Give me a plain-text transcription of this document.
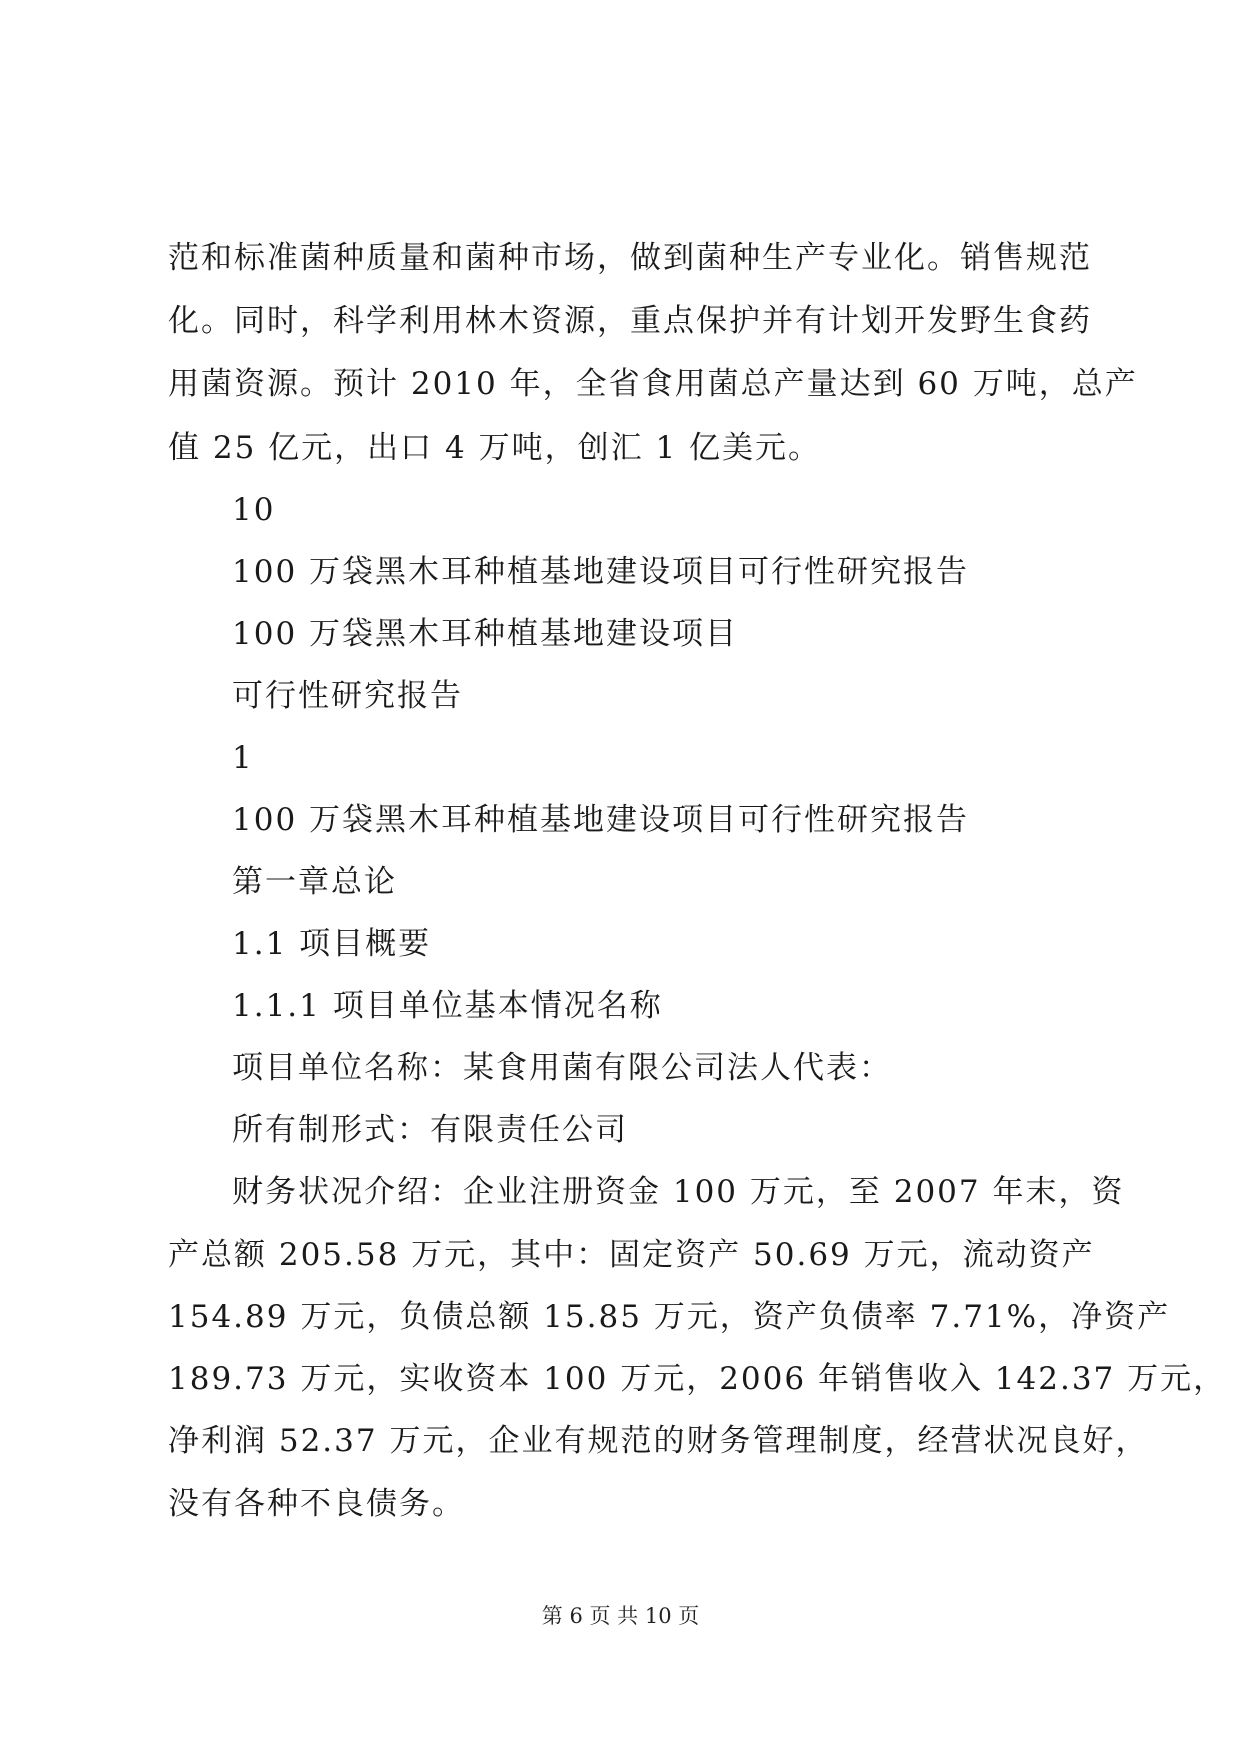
范和标准菌种质量和菌种市场，做到菌种生产专业化。销售规范
化。同时，科学利用林木资源，重点保护并有计划开发野生食药
用菌资源。预计 2010 年，全省食用菌总产量达到 60 万吨，总产
值 25 亿元，出口 4 万吨，创汇 1 亿美元。
10
100 万袋黑木耳种植基地建设项目可行性研究报告
100 万袋黑木耳种植基地建设项目
可行性研究报告
1
100 万袋黑木耳种植基地建设项目可行性研究报告
第一章总论
1.1 项目概要
1.1.1 项目单位基本情况名称
项目单位名称：某食用菌有限公司法人代表：
所有制形式：有限责任公司
财务状况介绍：企业注册资金 100 万元，至 2007 年末，资
产总额 205.58 万元，其中：固定资产 50.69 万元，流动资产
154.89 万元，负债总额 15.85 万元，资产负债率 7.71%，净资产
189.73 万元，实收资本 100 万元，2006 年销售收入 142.37 万元，
净利润 52.37 万元，企业有规范的财务管理制度，经营状况良好，
没有各种不良债务。
第 6 页 共 10 页
